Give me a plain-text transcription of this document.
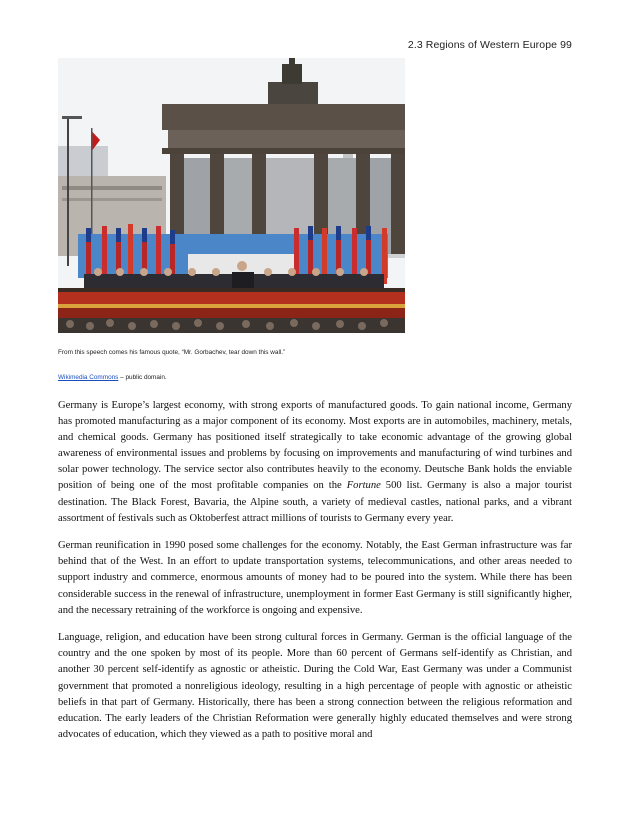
2.3 Regions of Western Europe 99
From this speech comes his famous quote, “Mr. Gorbachev, tear down this wall.”
Wikimedia Commons – public domain.

Germany is Europe’s largest economy, with strong exports of manufactured goods. To gain national income, Germany has promoted manufacturing as a major component of its economy. Most exports are in automobiles, machinery, metals, and chemical goods. Germany has positioned itself strategically to take economic advantage of the growing global awareness of environmental issues and problems by focusing on improvements and manufacturing of wind turbines and solar power technology. The service sector also contributes heavily to the economy. Deutsche Bank holds the enviable position of being one of the most profitable companies on the Fortune 500 list. Germany is also a major tourist destination. The Black Forest, Bavaria, the Alpine south, a variety of medieval castles, national parks, and a vibrant assortment of festivals such as Oktoberfest attract millions of tourists to Germany every year.

German reunification in 1990 posed some challenges for the economy. Notably, the East German infrastructure was far behind that of the West. In an effort to update transportation systems, telecommunications, and other areas needed to support industry and commerce, enormous amounts of money had to be poured into the system. While there has been considerable success in the renewal of infrastructure, unemployment in former East Germany is still significantly higher, and the necessary retraining of the workforce is ongoing and expensive.

Language, religion, and education have been strong cultural forces in Germany. German is the official language of the country and the one spoken by most of its people. More than 60 percent of Germans self-identify as Christian, and another 30 percent self-identify as agnostic or atheistic. During the Cold War, East Germany was under a Communist government that promoted a nonreligious ideology, resulting in a high percentage of people with agnostic or atheistic beliefs in that part of Germany. Historically, there has been a strong connection between the religious reformation and education. The early leaders of the Christian Reformation were generally highly educated themselves and were strong advocates of education, which they viewed as a path to positive moral and
